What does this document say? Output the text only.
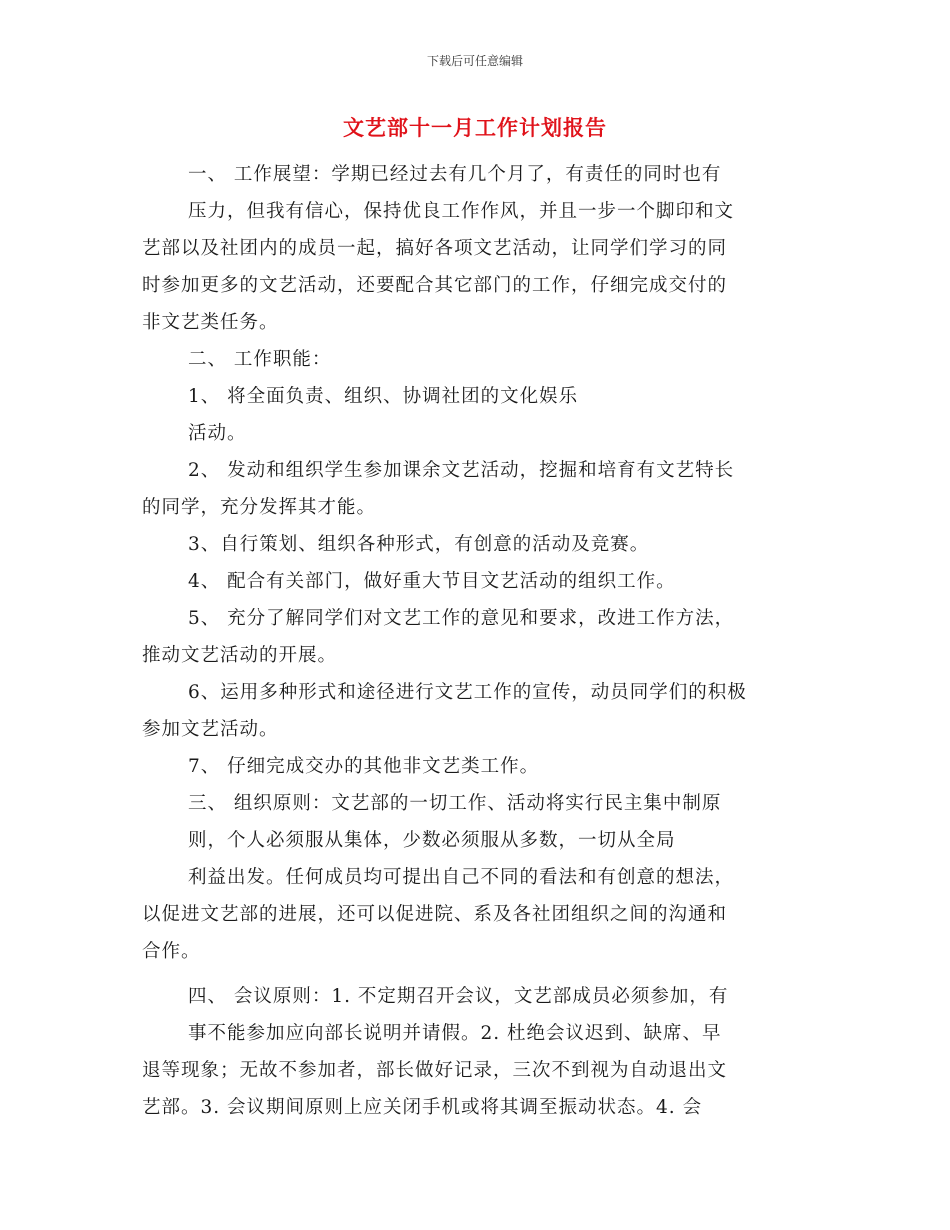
下载后可任意编辑
文艺部十一月工作计划报告
一、 工作展望：学期已经过去有几个月了，有责任的同时也有
压力，但我有信心，保持优良工作作风，并且一步一个脚印和文
艺部以及社团内的成员一起，搞好各项文艺活动，让同学们学习的同
时参加更多的文艺活动，还要配合其它部门的工作，仔细完成交付的
非文艺类任务。
二、 工作职能：
1、 将全面负责、组织、协调社团的文化娱乐
活动。
2、 发动和组织学生参加课余文艺活动，挖掘和培育有文艺特长
的同学，充分发挥其才能。
3、自行策划、组织各种形式，有创意的活动及竞赛。
4、 配合有关部门，做好重大节目文艺活动的组织工作。
5、 充分了解同学们对文艺工作的意见和要求，改进工作方法，
推动文艺活动的开展。
6、运用多种形式和途径进行文艺工作的宣传，动员同学们的积极
参加文艺活动。
7、 仔细完成交办的其他非文艺类工作。
三、 组织原则：文艺部的一切工作、活动将实行民主集中制原
则，个人必须服从集体，少数必须服从多数，一切从全局
利益出发。任何成员均可提出自己不同的看法和有创意的想法，
以促进文艺部的进展，还可以促进院、系及各社团组织之间的沟通和
合作。
四、 会议原则：1. 不定期召开会议，文艺部成员必须参加，有
事不能参加应向部长说明并请假。2. 杜绝会议迟到、缺席、早
退等现象；无故不参加者，部长做好记录，三次不到视为自动退出文
艺部。3. 会议期间原则上应关闭手机或将其调至振动状态。4. 会
